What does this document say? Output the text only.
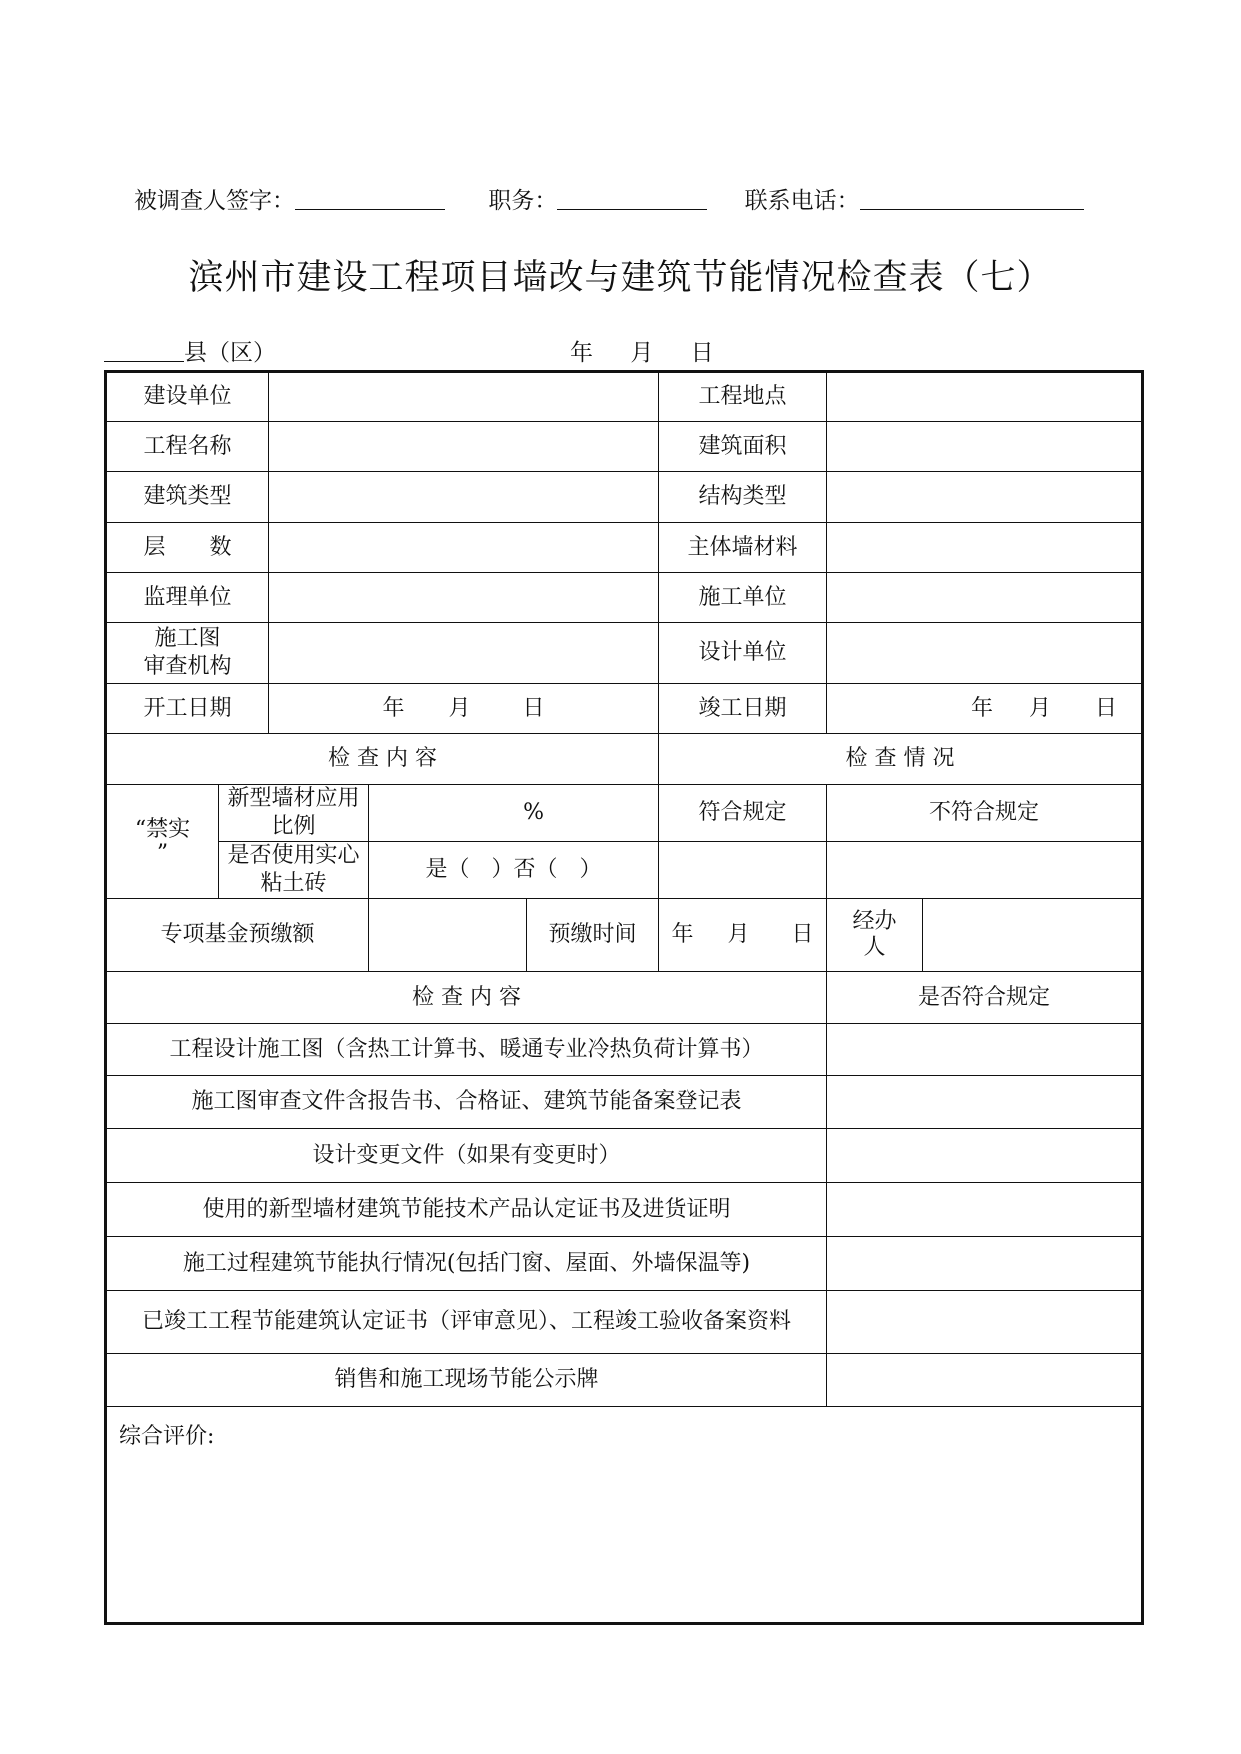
被调查人签字：	职务：	联系电话：
滨州市建设工程项目墙改与建筑节能情况检查表（七）
县（区）	年 月 日
建设单位					工程地点		
工程名称					建筑面积		
建筑类型					结构类型		
层　　数					主体墙材料		
监理单位					施工单位		
施工图
审查机构					设计单位		
开工日期		年 月 日			竣工日期	年 月 日	
检 查 内 容					检 查 情 况		
“禁实
”	新型墙材应用比例		%		符合规定	不符合规定	
	是否使用实心粘土砖		是（　）否（　）				
专项基金预缴额				预缴时间	年 月 日	经办
人	
检 查 内 容						是否符合规定	
工程设计施工图（含热工计算书、暖通专业冷热负荷计算书）							
施工图审查文件含报告书、合格证、建筑节能备案登记表							
设计变更文件（如果有变更时）							
使用的新型墙材建筑节能技术产品认定证书及进货证明							
施工过程建筑节能执行情况(包括门窗、屋面、外墙保温等)							
已竣工工程节能建筑认定证书（评审意见）、工程竣工验收备案资料							
销售和施工现场节能公示牌							
综合评价:							
